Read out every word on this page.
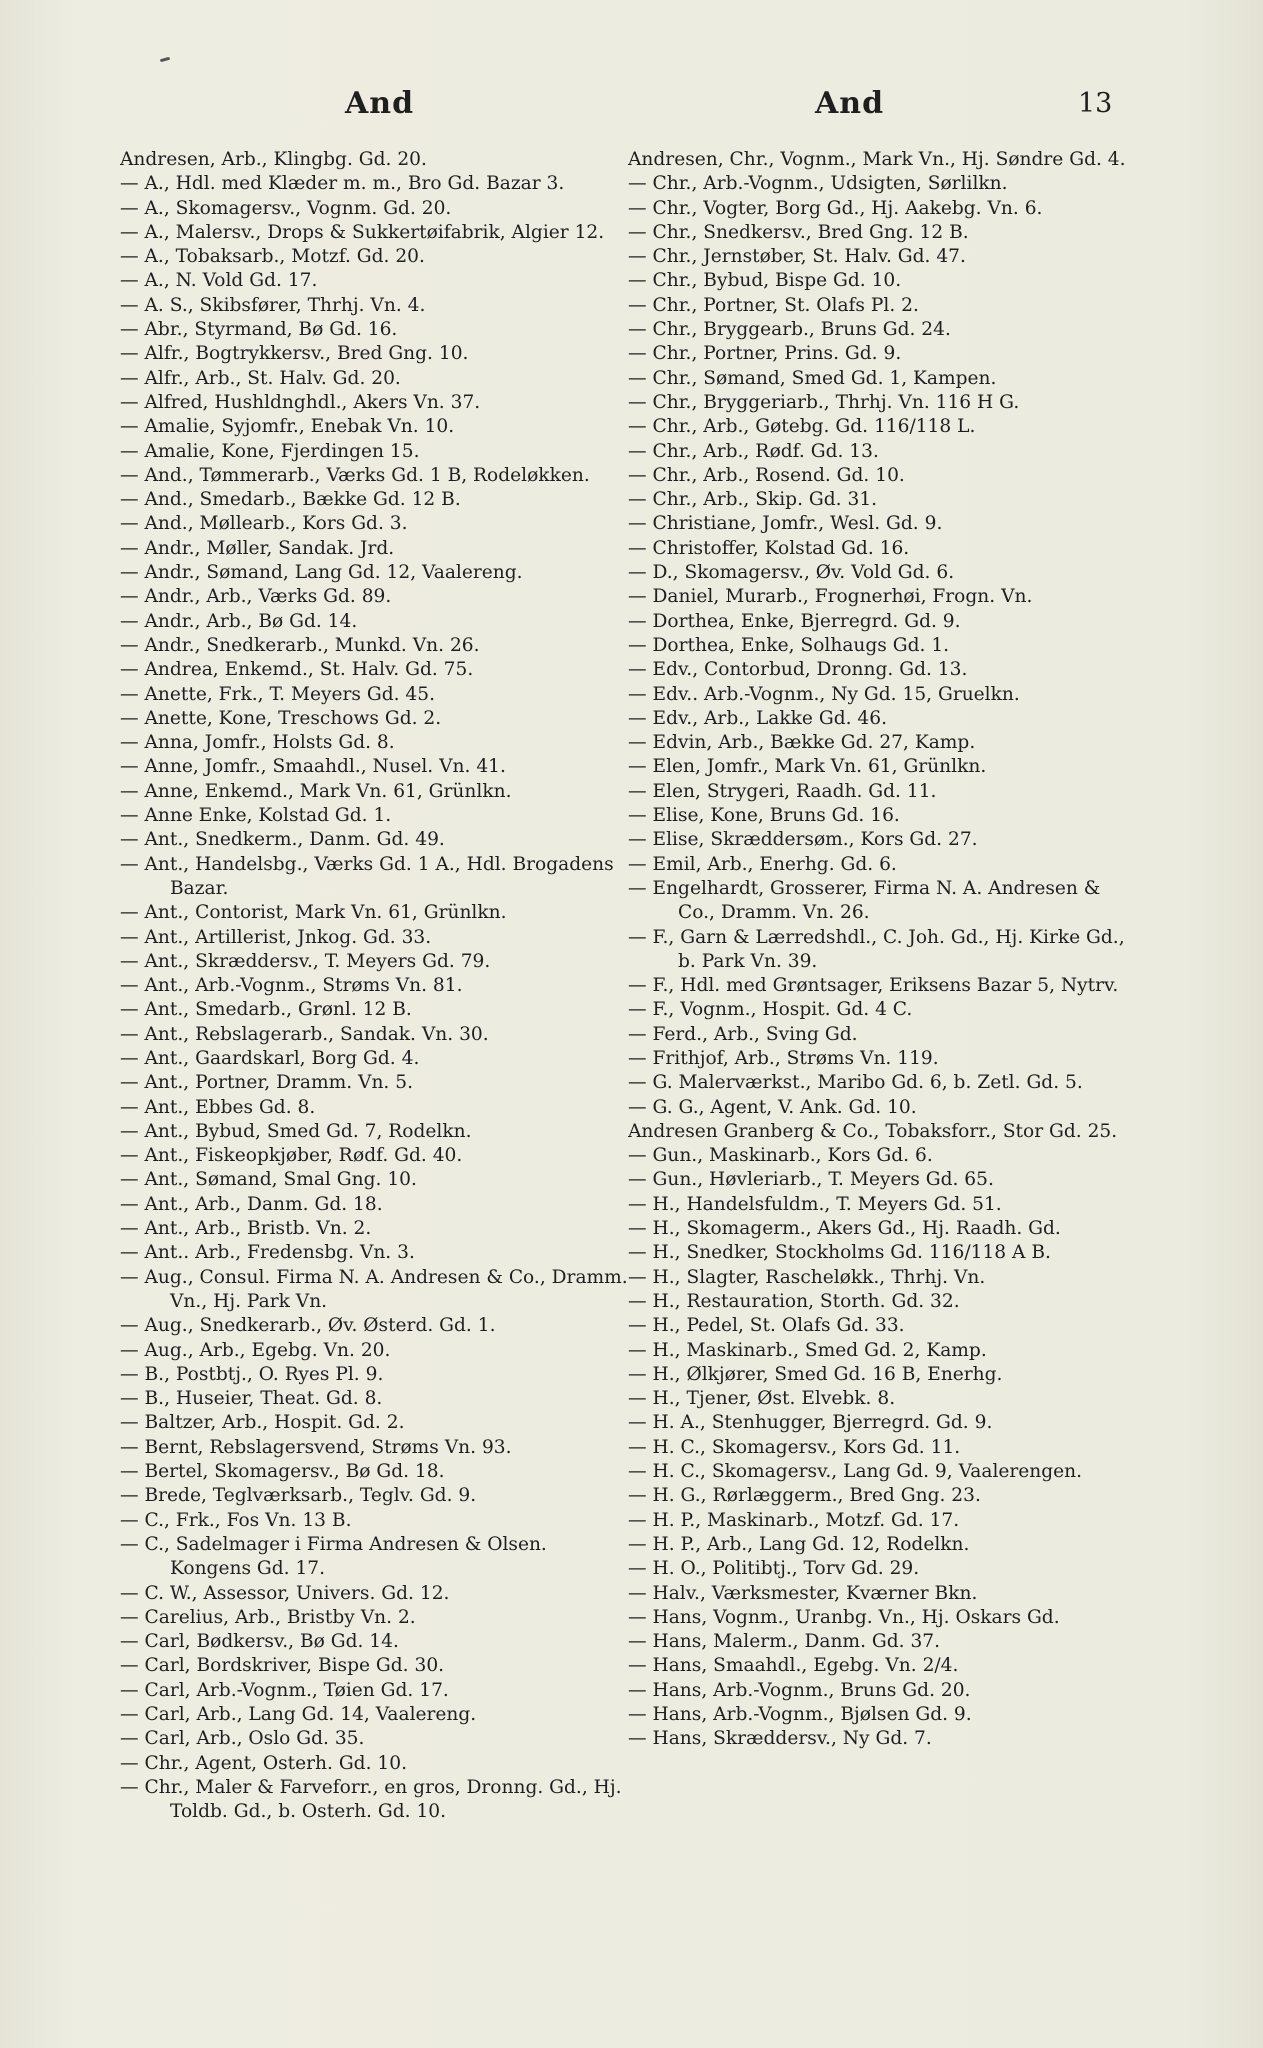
And	And	13
Andresen, Arb., Klingbg. Gd. 20.
— A., Hdl. med Klæder m. m., Bro Gd. Bazar 3.
— A., Skomagersv., Vognm. Gd. 20.
— A., Malersv., Drops & Sukkertøifabrik, Algier 12.
— A., Tobaksarb., Motzf. Gd. 20.
— A., N. Vold Gd. 17.
— A. S., Skibsfører, Thrhj. Vn. 4.
— Abr., Styrmand, Bø Gd. 16.
— Alfr., Bogtrykkersv., Bred Gng. 10.
— Alfr., Arb., St. Halv. Gd. 20.
— Alfred, Hushldnghdl., Akers Vn. 37.
— Amalie, Syjomfr., Enebak Vn. 10.
— Amalie, Kone, Fjerdingen 15.
— And., Tømmerarb., Værks Gd. 1 B, Rodeløkken.
— And., Smedarb., Bække Gd. 12 B.
— And., Møllearb., Kors Gd. 3.
— Andr., Møller, Sandak. Jrd.
— Andr., Sømand, Lang Gd. 12, Vaalereng.
— Andr., Arb., Værks Gd. 89.
— Andr., Arb., Bø Gd. 14.
— Andr., Snedkerarb., Munkd. Vn. 26.
— Andrea, Enkemd., St. Halv. Gd. 75.
— Anette, Frk., T. Meyers Gd. 45.
— Anette, Kone, Treschows Gd. 2.
— Anna, Jomfr., Holsts Gd. 8.
— Anne, Jomfr., Smaahdl., Nusel. Vn. 41.
— Anne, Enkemd., Mark Vn. 61, Grünlkn.
— Anne Enke, Kolstad Gd. 1.
— Ant., Snedkerm., Danm. Gd. 49.
— Ant., Handelsbg., Værks Gd. 1 A., Hdl. Brogadens Bazar.
— Ant., Contorist, Mark Vn. 61, Grünlkn.
— Ant., Artillerist, Jnkog. Gd. 33.
— Ant., Skræddersv., T. Meyers Gd. 79.
— Ant., Arb.-Vognm., Strøms Vn. 81.
— Ant., Smedarb., Grønl. 12 B.
— Ant., Rebslagerarb., Sandak. Vn. 30.
— Ant., Gaardskarl, Borg Gd. 4.
— Ant., Portner, Dramm. Vn. 5.
— Ant., Ebbes Gd. 8.
— Ant., Bybud, Smed Gd. 7, Rodelkn.
— Ant., Fiskeopkjøber, Rødf. Gd. 40.
— Ant., Sømand, Smal Gng. 10.
— Ant., Arb., Danm. Gd. 18.
— Ant., Arb., Bristb. Vn. 2.
— Ant.. Arb., Fredensbg. Vn. 3.
— Aug., Consul. Firma N. A. Andresen & Co., Dramm. Vn., Hj. Park Vn.
— Aug., Snedkerarb., Øv. Østerd. Gd. 1.
— Aug., Arb., Egebg. Vn. 20.
— B., Postbtj., O. Ryes Pl. 9.
— B., Huseier, Theat. Gd. 8.
— Baltzer, Arb., Hospit. Gd. 2.
— Bernt, Rebslagersvend, Strøms Vn. 93.
— Bertel, Skomagersv., Bø Gd. 18.
— Brede, Teglværksarb., Teglv. Gd. 9.
— C., Frk., Fos Vn. 13 B.
— C., Sadelmager i Firma Andresen & Olsen. Kongens Gd. 17.
— C. W., Assessor, Univers. Gd. 12.
— Carelius, Arb., Bristby Vn. 2.
— Carl, Bødkersv., Bø Gd. 14.
— Carl, Bordskriver, Bispe Gd. 30.
— Carl, Arb.-Vognm., Tøien Gd. 17.
— Carl, Arb., Lang Gd. 14, Vaalereng.
— Carl, Arb., Oslo Gd. 35.
— Chr., Agent, Osterh. Gd. 10.
— Chr., Maler & Farveforr., en gros, Dronng. Gd., Hj. Toldb. Gd., b. Osterh. Gd. 10.
Andresen, Chr., Vognm., Mark Vn., Hj. Søndre Gd. 4.
— Chr., Arb.-Vognm., Udsigten, Sørlilkn.
— Chr., Vogter, Borg Gd., Hj. Aakebg. Vn. 6.
— Chr., Snedkersv., Bred Gng. 12 B.
— Chr., Jernstøber, St. Halv. Gd. 47.
— Chr., Bybud, Bispe Gd. 10.
— Chr., Portner, St. Olafs Pl. 2.
— Chr., Bryggearb., Bruns Gd. 24.
— Chr., Portner, Prins. Gd. 9.
— Chr., Sømand, Smed Gd. 1, Kampen.
— Chr., Bryggeriarb., Thrhj. Vn. 116 H G.
— Chr., Arb., Gøtebg. Gd. 116/118 L.
— Chr., Arb., Rødf. Gd. 13.
— Chr., Arb., Rosend. Gd. 10.
— Chr., Arb., Skip. Gd. 31.
— Christiane, Jomfr., Wesl. Gd. 9.
— Christoffer, Kolstad Gd. 16.
— D., Skomagersv., Øv. Vold Gd. 6.
— Daniel, Murarb., Frognerhøi, Frogn. Vn.
— Dorthea, Enke, Bjerregrd. Gd. 9.
— Dorthea, Enke, Solhaugs Gd. 1.
— Edv., Contorbud, Dronng. Gd. 13.
— Edv.. Arb.-Vognm., Ny Gd. 15, Gruelkn.
— Edv., Arb., Lakke Gd. 46.
— Edvin, Arb., Bække Gd. 27, Kamp.
— Elen, Jomfr., Mark Vn. 61, Grünlkn.
— Elen, Strygeri, Raadh. Gd. 11.
— Elise, Kone, Bruns Gd. 16.
— Elise, Skræddersøm., Kors Gd. 27.
— Emil, Arb., Enerhg. Gd. 6.
— Engelhardt, Grosserer, Firma N. A. Andresen & Co., Dramm. Vn. 26.
— F., Garn & Lærredshdl., C. Joh. Gd., Hj. Kirke Gd., b. Park Vn. 39.
— F., Hdl. med Grøntsager, Eriksens Bazar 5, Nytrv.
— F., Vognm., Hospit. Gd. 4 C.
— Ferd., Arb., Sving Gd.
— Frithjof, Arb., Strøms Vn. 119.
— G. Malerværkst., Maribo Gd. 6, b. Zetl. Gd. 5.
— G. G., Agent, V. Ank. Gd. 10.
Andresen Granberg & Co., Tobaksforr., Stor Gd. 25.
— Gun., Maskinarb., Kors Gd. 6.
— Gun., Høvleriarb., T. Meyers Gd. 65.
— H., Handelsfuldm., T. Meyers Gd. 51.
— H., Skomagerm., Akers Gd., Hj. Raadh. Gd.
— H., Snedker, Stockholms Gd. 116/118 A B.
— H., Slagter, Rascheløkk., Thrhj. Vn.
— H., Restauration, Storth. Gd. 32.
— H., Pedel, St. Olafs Gd. 33.
— H., Maskinarb., Smed Gd. 2, Kamp.
— H., Ølkjører, Smed Gd. 16 B, Enerhg.
— H., Tjener, Øst. Elvebk. 8.
— H. A., Stenhugger, Bjerregrd. Gd. 9.
— H. C., Skomagersv., Kors Gd. 11.
— H. C., Skomagersv., Lang Gd. 9, Vaalerengen.
— H. G., Rørlæggerm., Bred Gng. 23.
— H. P., Maskinarb., Motzf. Gd. 17.
— H. P., Arb., Lang Gd. 12, Rodelkn.
— H. O., Politibtj., Torv Gd. 29.
— Halv., Værksmester, Kværner Bkn.
— Hans, Vognm., Uranbg. Vn., Hj. Oskars Gd.
— Hans, Malerm., Danm. Gd. 37.
— Hans, Smaahdl., Egebg. Vn. 2/4.
— Hans, Arb.-Vognm., Bruns Gd. 20.
— Hans, Arb.-Vognm., Bjølsen Gd. 9.
— Hans, Skræddersv., Ny Gd. 7.
